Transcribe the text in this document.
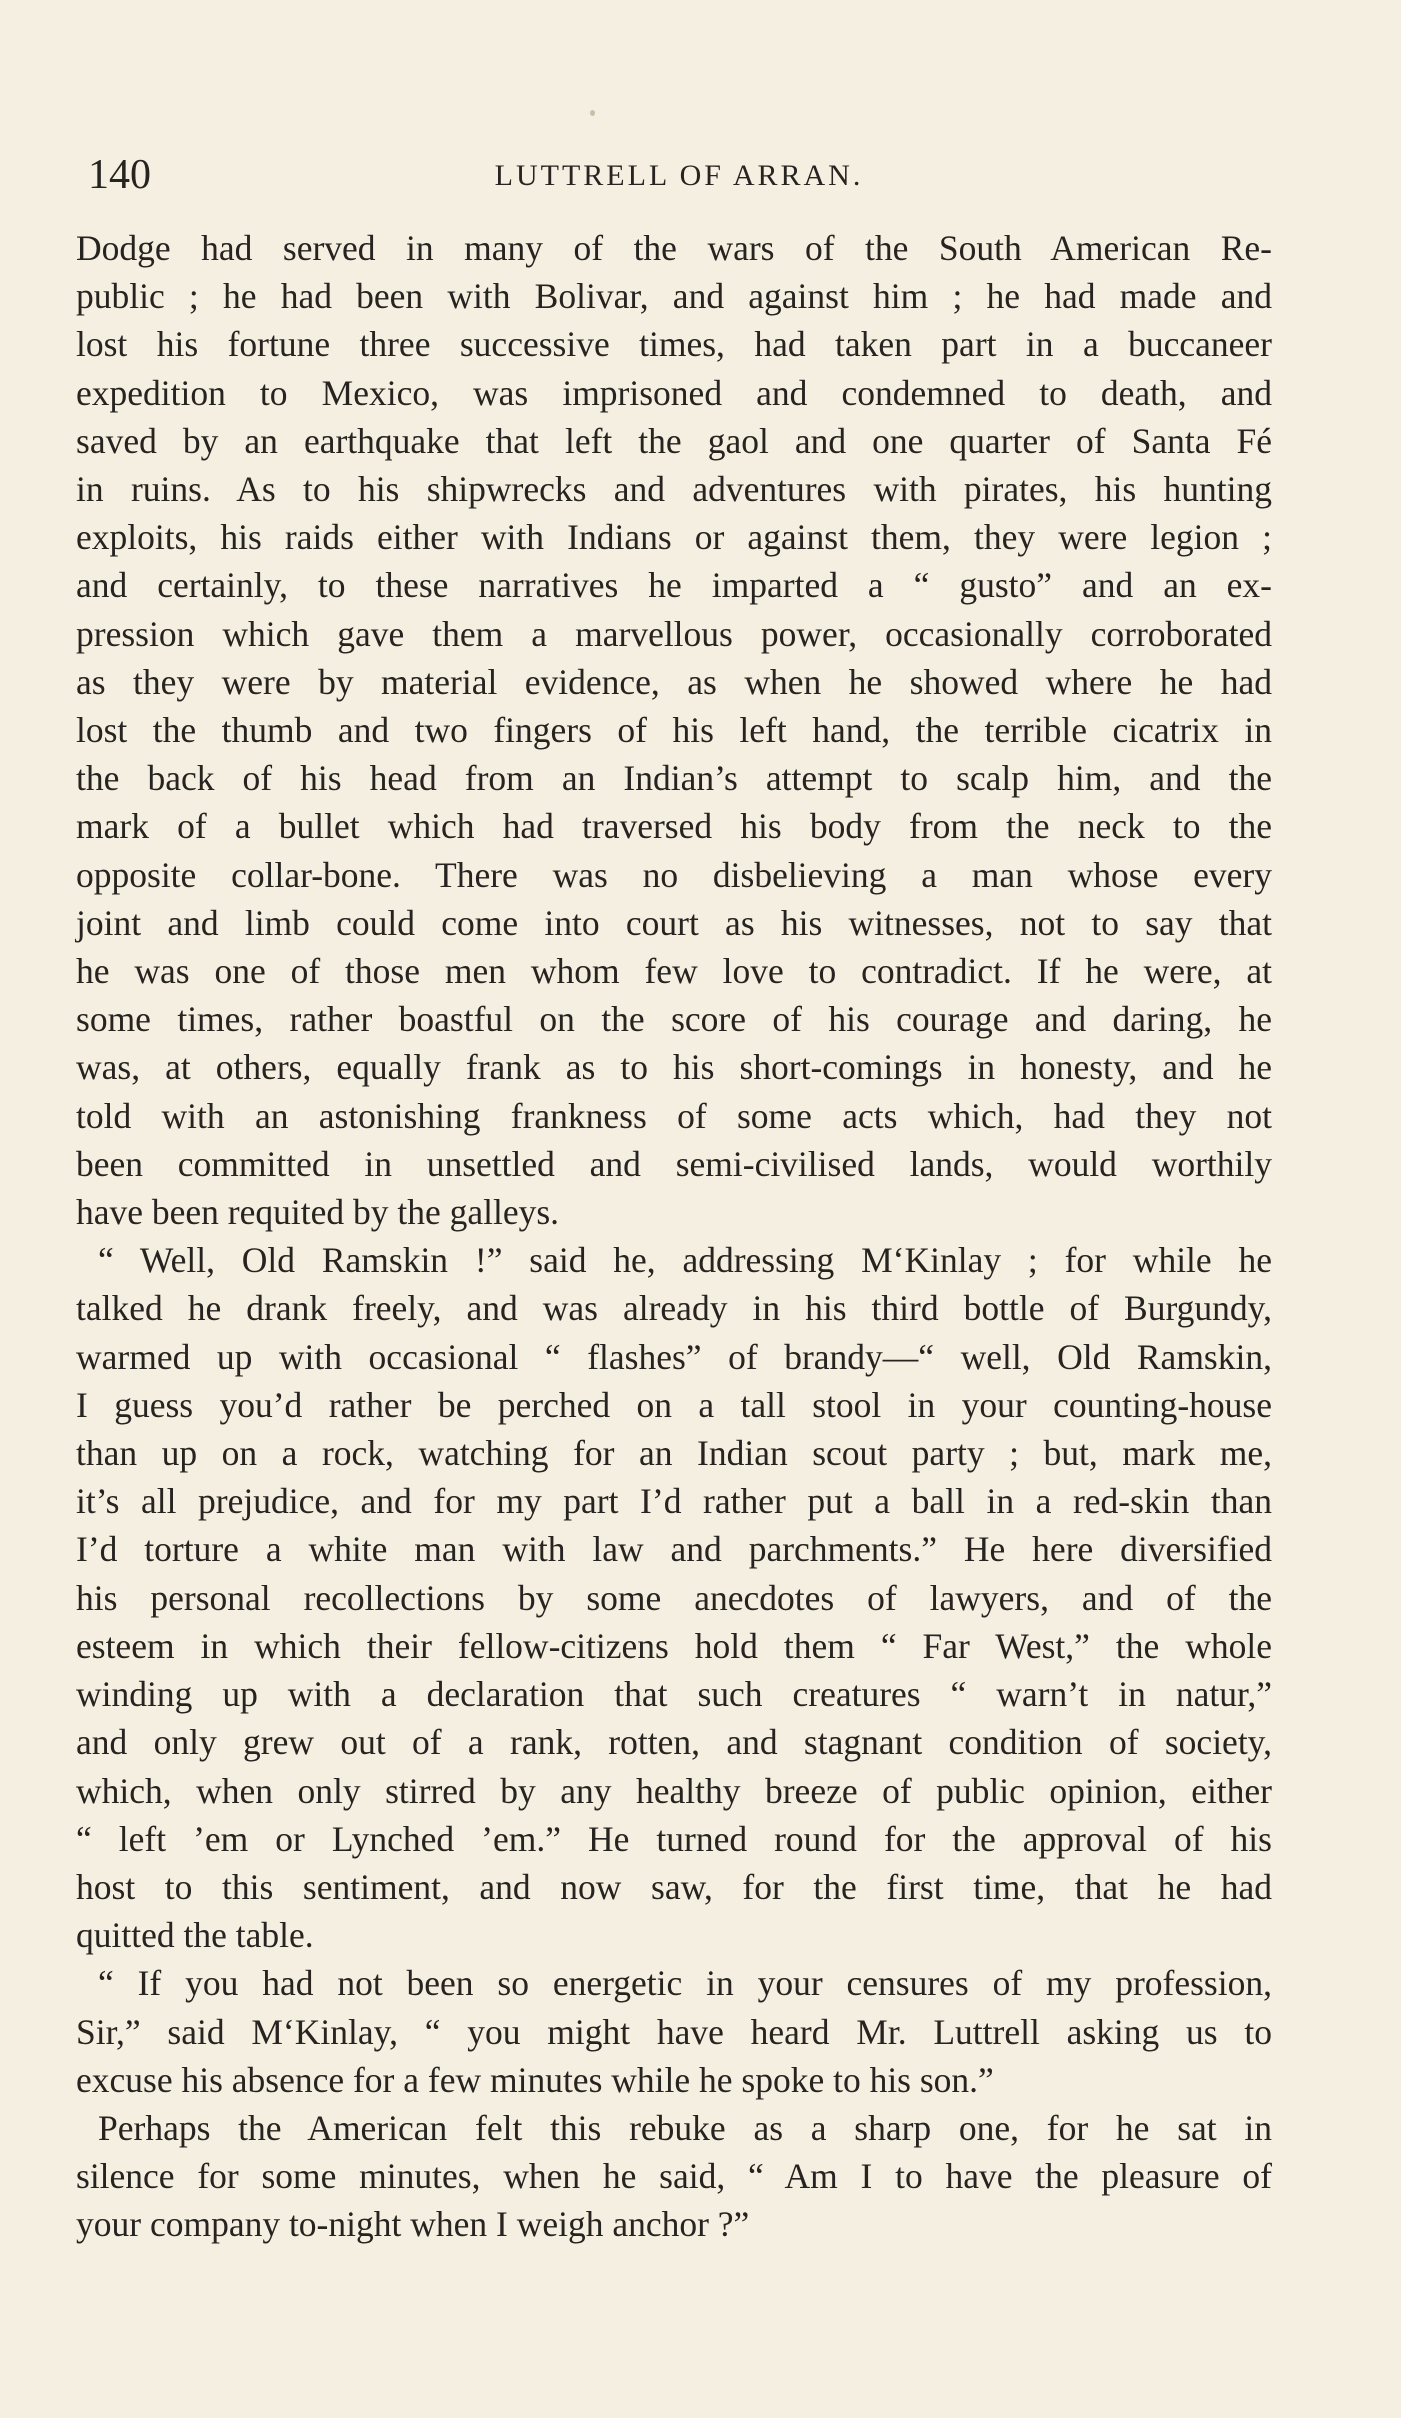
140	LUTTRELL OF ARRAN.
Dodge had served in many of the wars of the South American Re-
public ; he had been with Bolivar, and against him ; he had made and
lost his fortune three successive times, had taken part in a buccaneer
expedition to Mexico, was imprisoned and condemned to death, and
saved by an earthquake that left the gaol and one quarter of Santa Fé
in ruins. As to his shipwrecks and adventures with pirates, his hunting
exploits, his raids either with Indians or against them, they were legion ;
and certainly, to these narratives he imparted a “ gusto” and an ex-
pression which gave them a marvellous power, occasionally corroborated
as they were by material evidence, as when he showed where he had
lost the thumb and two fingers of his left hand, the terrible cicatrix in
the back of his head from an Indian’s attempt to scalp him, and the
mark of a bullet which had traversed his body from the neck to the
opposite collar-bone. There was no disbelieving a man whose every
joint and limb could come into court as his witnesses, not to say that
he was one of those men whom few love to contradict. If he were, at
some times, rather boastful on the score of his courage and daring, he
was, at others, equally frank as to his short-comings in honesty, and he
told with an astonishing frankness of some acts which, had they not
been committed in unsettled and semi-civilised lands, would worthily
have been requited by the galleys.
“ Well, Old Ramskin !” said he, addressing M‘Kinlay ; for while he
talked he drank freely, and was already in his third bottle of Burgundy,
warmed up with occasional “ flashes” of brandy—“ well, Old Ramskin,
I guess you’d rather be perched on a tall stool in your counting-house
than up on a rock, watching for an Indian scout party ; but, mark me,
it’s all prejudice, and for my part I’d rather put a ball in a red-skin than
I’d torture a white man with law and parchments.” He here diversified
his personal recollections by some anecdotes of lawyers, and of the
esteem in which their fellow-citizens hold them “ Far West,” the whole
winding up with a declaration that such creatures “ warn’t in natur,”
and only grew out of a rank, rotten, and stagnant condition of society,
which, when only stirred by any healthy breeze of public opinion, either
“ left ’em or Lynched ’em.” He turned round for the approval of his
host to this sentiment, and now saw, for the first time, that he had
quitted the table.
“ If you had not been so energetic in your censures of my profession,
Sir,” said M‘Kinlay, “ you might have heard Mr. Luttrell asking us to
excuse his absence for a few minutes while he spoke to his son.”
Perhaps the American felt this rebuke as a sharp one, for he sat in
silence for some minutes, when he said, “ Am I to have the pleasure of
your company to-night when I weigh anchor ?”
